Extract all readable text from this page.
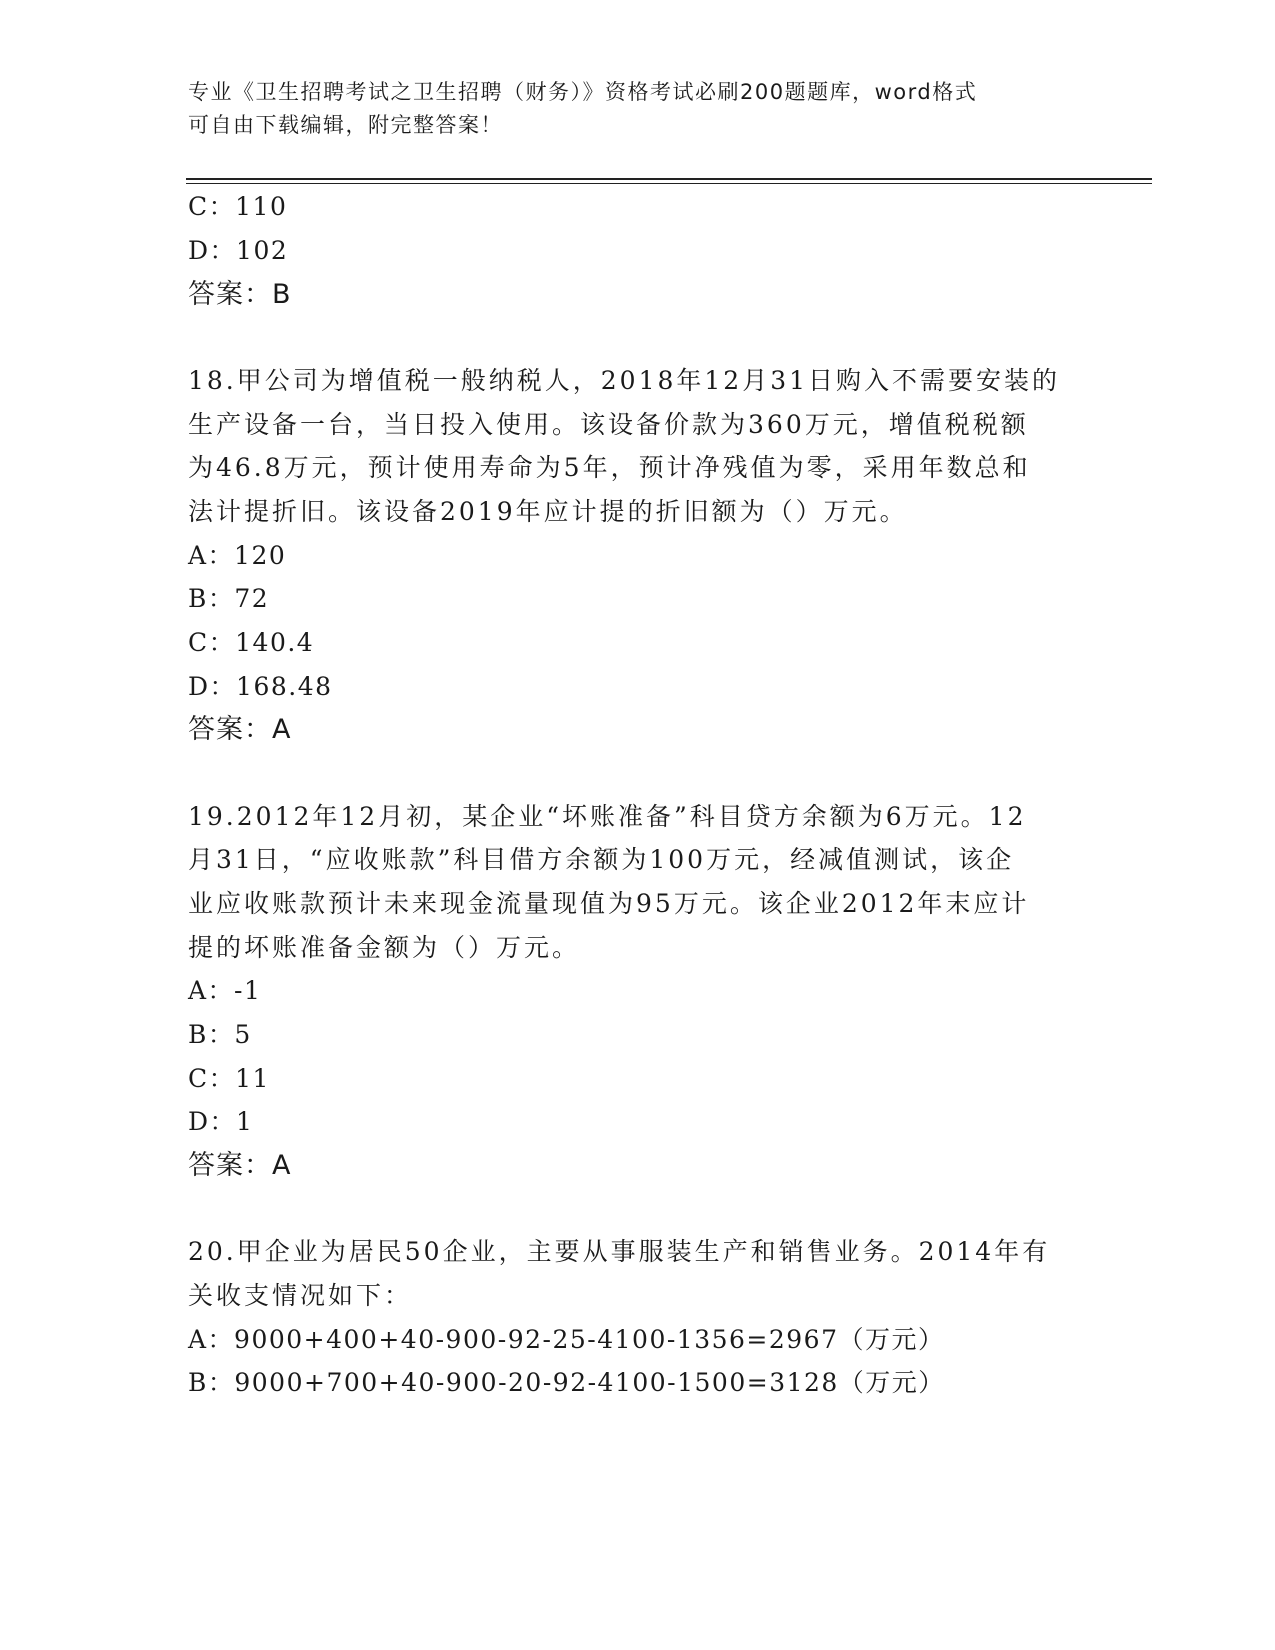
专业《卫生招聘考试之卫生招聘（财务）》资格考试必刷200题题库，word格式
可自由下载编辑，附完整答案！
C：110
D：102
答案：B
18.甲公司为增值税一般纳税人，2018年12月31日购入不需要安装的
生产设备一台，当日投入使用。该设备价款为360万元，增值税税额
为46.8万元，预计使用寿命为5年，预计净残值为零，采用年数总和
法计提折旧。该设备2019年应计提的折旧额为（）万元。
A：120
B：72
C：140.4
D：168.48
答案：A
19.2012年12月初，某企业“坏账准备”科目贷方余额为6万元。12
月31日，“应收账款”科目借方余额为100万元，经减值测试，该企
业应收账款预计未来现金流量现值为95万元。该企业2012年末应计
提的坏账准备金额为（）万元。
A：-1
B：5
C：11
D：1
答案：A
20.甲企业为居民50企业，主要从事服装生产和销售业务。2014年有
关收支情况如下：
A：9000+400+40-900-92-25-4100-1356=2967（万元）
B：9000+700+40-900-20-92-4100-1500=3128（万元）
